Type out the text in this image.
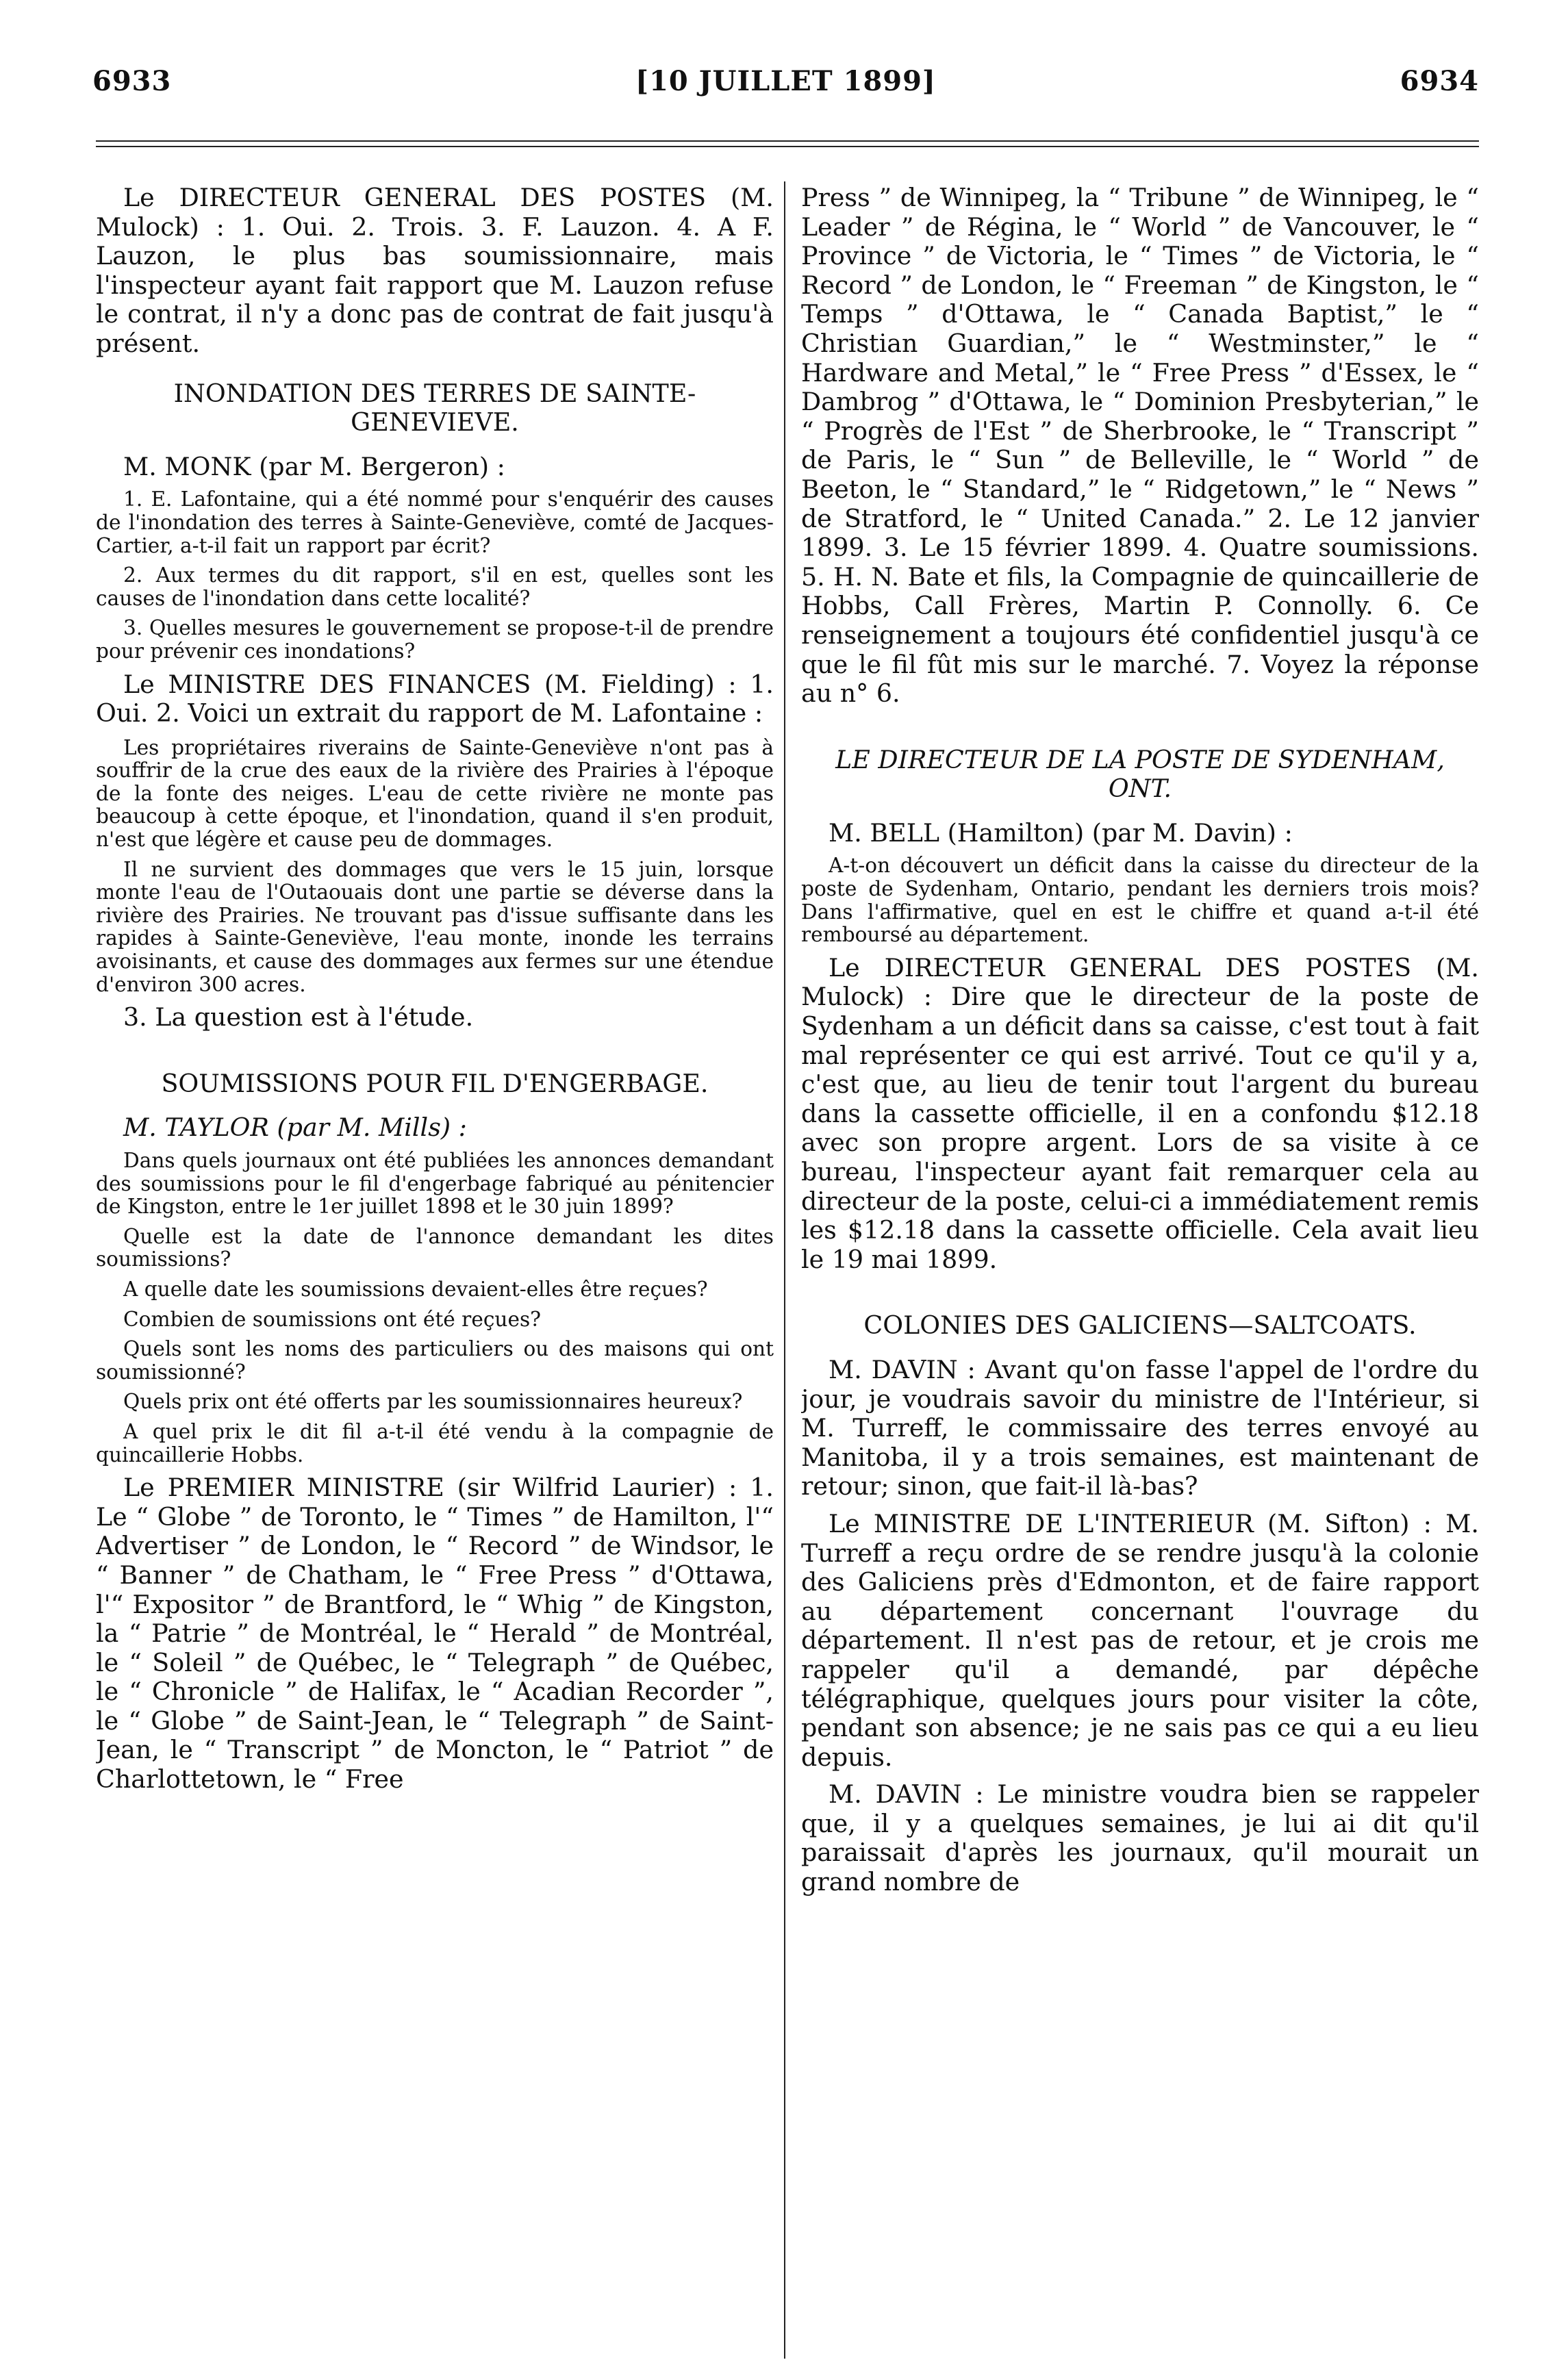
6933	[10 JUILLET 1899]	6934

Le DIRECTEUR GENERAL DES POSTES (M. Mulock) : 1. Oui. 2. Trois. 3. F. Lauzon. 4. A F. Lauzon, le plus bas soumissionnaire, mais l'inspecteur ayant fait rapport que M. Lauzon refuse le contrat, il n'y a donc pas de contrat de fait jusqu'à présent.

INONDATION DES TERRES DE SAINTE-GENEVIEVE.

M. MONK (par M. Bergeron) :

1. E. Lafontaine, qui a été nommé pour s'enquérir des causes de l'inondation des terres à Sainte-Geneviève, comté de Jacques-Cartier, a-t-il fait un rapport par écrit?

2. Aux termes du dit rapport, s'il en est, quelles sont les causes de l'inondation dans cette localité?

3. Quelles mesures le gouvernement se propose-t-il de prendre pour prévenir ces inondations?

Le MINISTRE DES FINANCES (M. Fielding) : 1. Oui. 2. Voici un extrait du rapport de M. Lafontaine :

Les propriétaires riverains de Sainte-Geneviève n'ont pas à souffrir de la crue des eaux de la rivière des Prairies à l'époque de la fonte des neiges. L'eau de cette rivière ne monte pas beaucoup à cette époque, et l'inondation, quand il s'en produit, n'est que légère et cause peu de dommages.

Il ne survient des dommages que vers le 15 juin, lorsque monte l'eau de l'Outaouais dont une partie se déverse dans la rivière des Prairies. Ne trouvant pas d'issue suffisante dans les rapides à Sainte-Geneviève, l'eau monte, inonde les terrains avoisinants, et cause des dommages aux fermes sur une étendue d'environ 300 acres.

3. La question est à l'étude.

SOUMISSIONS POUR FIL D'ENGERBAGE.

M. TAYLOR (par M. Mills) :

Dans quels journaux ont été publiées les annonces demandant des soumissions pour le fil d'engerbage fabriqué au pénitencier de Kingston, entre le 1er juillet 1898 et le 30 juin 1899?

Quelle est la date de l'annonce demandant les dites soumissions?

A quelle date les soumissions devaient-elles être reçues?

Combien de soumissions ont été reçues?

Quels sont les noms des particuliers ou des maisons qui ont soumissionné?

Quels prix ont été offerts par les soumissionnaires heureux?

A quel prix le dit fil a-t-il été vendu à la compagnie de quincaillerie Hobbs.

Le PREMIER MINISTRE (sir Wilfrid Laurier) : 1. Le “ Globe ” de Toronto, le “ Times ” de Hamilton, l'“ Advertiser ” de London, le “ Record ” de Windsor, le “ Banner ” de Chatham, le “ Free Press ” d'Ottawa, l'“ Expositor ” de Brantford, le “ Whig ” de Kingston, la “ Patrie ” de Montréal, le “ Herald ” de Montréal, le “ Soleil ” de Québec, le “ Telegraph ” de Québec, le “ Chronicle ” de Halifax, le “ Acadian Recorder ”, le “ Globe ” de Saint-Jean, le “ Telegraph ” de Saint-Jean, le “ Transcript ” de Moncton, le “ Patriot ” de Charlottetown, le “ Free

Press ” de Winnipeg, la “ Tribune ” de Winnipeg, le “ Leader ” de Régina, le “ World ” de Vancouver, le “ Province ” de Victoria, le “ Times ” de Victoria, le “ Record ” de London, le “ Freeman ” de Kingston, le “ Temps ” d'Ottawa, le “ Canada Baptist,” le “ Christian Guardian,” le “ Westminster,” le “ Hardware and Metal,” le “ Free Press ” d'Essex, le “ Dambrog ” d'Ottawa, le “ Dominion Presbyterian,” le “ Progrès de l'Est ” de Sherbrooke, le “ Transcript ” de Paris, le “ Sun ” de Belleville, le “ World ” de Beeton, le “ Standard,” le “ Ridgetown,” le “ News ” de Stratford, le “ United Canada.” 2. Le 12 janvier 1899. 3. Le 15 février 1899. 4. Quatre soumissions. 5. H. N. Bate et fils, la Compagnie de quincaillerie de Hobbs, Call Frères, Martin P. Connolly. 6. Ce renseignement a toujours été confidentiel jusqu'à ce que le fil fût mis sur le marché. 7. Voyez la réponse au n° 6.

LE DIRECTEUR DE LA POSTE DE SYDENHAM, ONT.

M. BELL (Hamilton) (par M. Davin) :

A-t-on découvert un déficit dans la caisse du directeur de la poste de Sydenham, Ontario, pendant les derniers trois mois? Dans l'affirmative, quel en est le chiffre et quand a-t-il été remboursé au département.

Le DIRECTEUR GENERAL DES POSTES (M. Mulock) : Dire que le directeur de la poste de Sydenham a un déficit dans sa caisse, c'est tout à fait mal représenter ce qui est arrivé. Tout ce qu'il y a, c'est que, au lieu de tenir tout l'argent du bureau dans la cassette officielle, il en a confondu $12.18 avec son propre argent. Lors de sa visite à ce bureau, l'inspecteur ayant fait remarquer cela au directeur de la poste, celui-ci a immédiatement remis les $12.18 dans la cassette officielle. Cela avait lieu le 19 mai 1899.

COLONIES DES GALICIENS—SALTCOATS.

M. DAVIN : Avant qu'on fasse l'appel de l'ordre du jour, je voudrais savoir du ministre de l'Intérieur, si M. Turreff, le commissaire des terres envoyé au Manitoba, il y a trois semaines, est maintenant de retour; sinon, que fait-il là-bas?

Le MINISTRE DE L'INTERIEUR (M. Sifton) : M. Turreff a reçu ordre de se rendre jusqu'à la colonie des Galiciens près d'Edmonton, et de faire rapport au département concernant l'ouvrage du département. Il n'est pas de retour, et je crois me rappeler qu'il a demandé, par dépêche télégraphique, quelques jours pour visiter la côte, pendant son absence; je ne sais pas ce qui a eu lieu depuis.

M. DAVIN : Le ministre voudra bien se rappeler que, il y a quelques semaines, je lui ai dit qu'il paraissait d'après les journaux, qu'il mourait un grand nombre de
